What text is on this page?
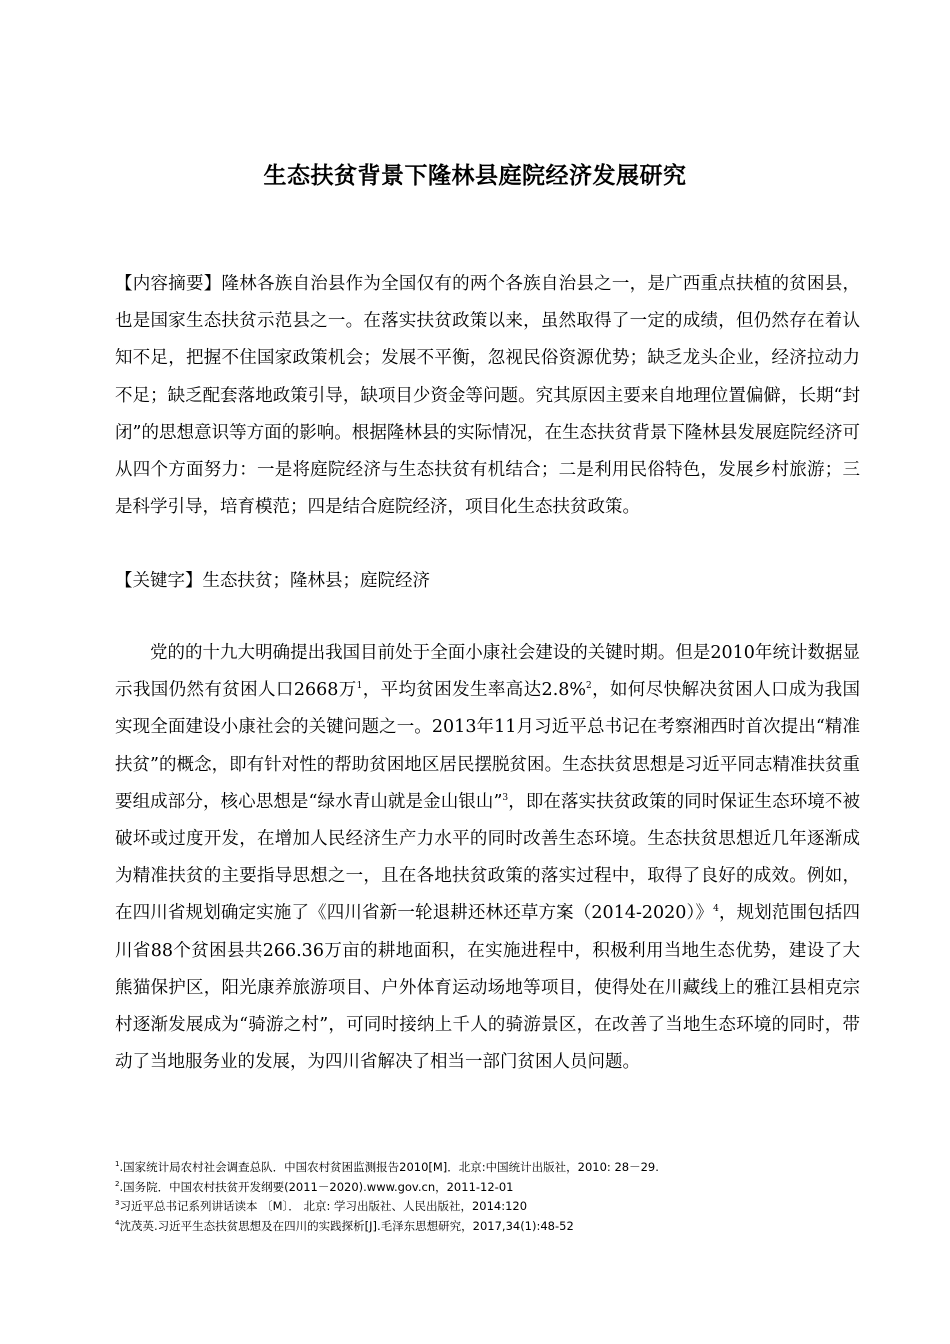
生态扶贫背景下隆林县庭院经济发展研究
【内容摘要】隆林各族自治县作为全国仅有的两个各族自治县之一，是广西重点扶植的贫困县，也是国家生态扶贫示范县之一。在落实扶贫政策以来，虽然取得了一定的成绩，但仍然存在着认知不足，把握不住国家政策机会；发展不平衡，忽视民俗资源优势；缺乏龙头企业，经济拉动力不足；缺乏配套落地政策引导，缺项目少资金等问题。究其原因主要来自地理位置偏僻，长期“封闭”的思想意识等方面的影响。根据隆林县的实际情况，在生态扶贫背景下隆林县发展庭院经济可从四个方面努力：一是将庭院经济与生态扶贫有机结合；二是利用民俗特色，发展乡村旅游；三是科学引导，培育模范；四是结合庭院经济，项目化生态扶贫政策。
【关键字】生态扶贫；隆林县；庭院经济
党的的十九大明确提出我国目前处于全面小康社会建设的关键时期。但是2010年统计数据显示我国仍然有贫困人口2668万$^1$，平均贫困发生率高达2.8%$^2$，如何尽快解决贫困人口成为我国实现全面建设小康社会的关键问题之一。2013年11月习近平总书记在考察湘西时首次提出“精准扶贫”的概念，即有针对性的帮助贫困地区居民摆脱贫困。生态扶贫思想是习近平同志精准扶贫重要组成部分，核心思想是“绿水青山就是金山银山”$^3$，即在落实扶贫政策的同时保证生态环境不被破坏或过度开发，在增加人民经济生产力水平的同时改善生态环境。生态扶贫思想近几年逐渐成为精准扶贫的主要指导思想之一，且在各地扶贫政策的落实过程中，取得了良好的成效。例如，在四川省规划确定实施了《四川省新一轮退耕还林还草方案（2014-2020）》$^4$，规划范围包括四川省88个贫困县共266.36万亩的耕地面积，在实施进程中，积极利用当地生态优势，建设了大熊猫保护区，阳光康养旅游项目、户外体育运动场地等项目，使得处在川藏线上的雅江县相克宗村逐渐发展成为“骑游之村”，可同时接纳上千人的骑游景区，在改善了当地生态环境的同时，带动了当地服务业的发展，为四川省解决了相当一部门贫困人员问题。
$^1$.国家统计局农村社会调查总队．中国农村贫困监测报告2010[M]．北京:中国统计出版社，2010: 28－29.
$^2$.国务院．中国农村扶贫开发纲要(2011－2020).www.gov.cn，2011-12-01
$^3$习近平总书记系列讲话读本 〔M〕． 北京: 学习出版社、人民出版社，2014:120
$^4$沈茂英.习近平生态扶贫思想及在四川的实践探析[J].毛泽东思想研究，2017,34(1):48-52
